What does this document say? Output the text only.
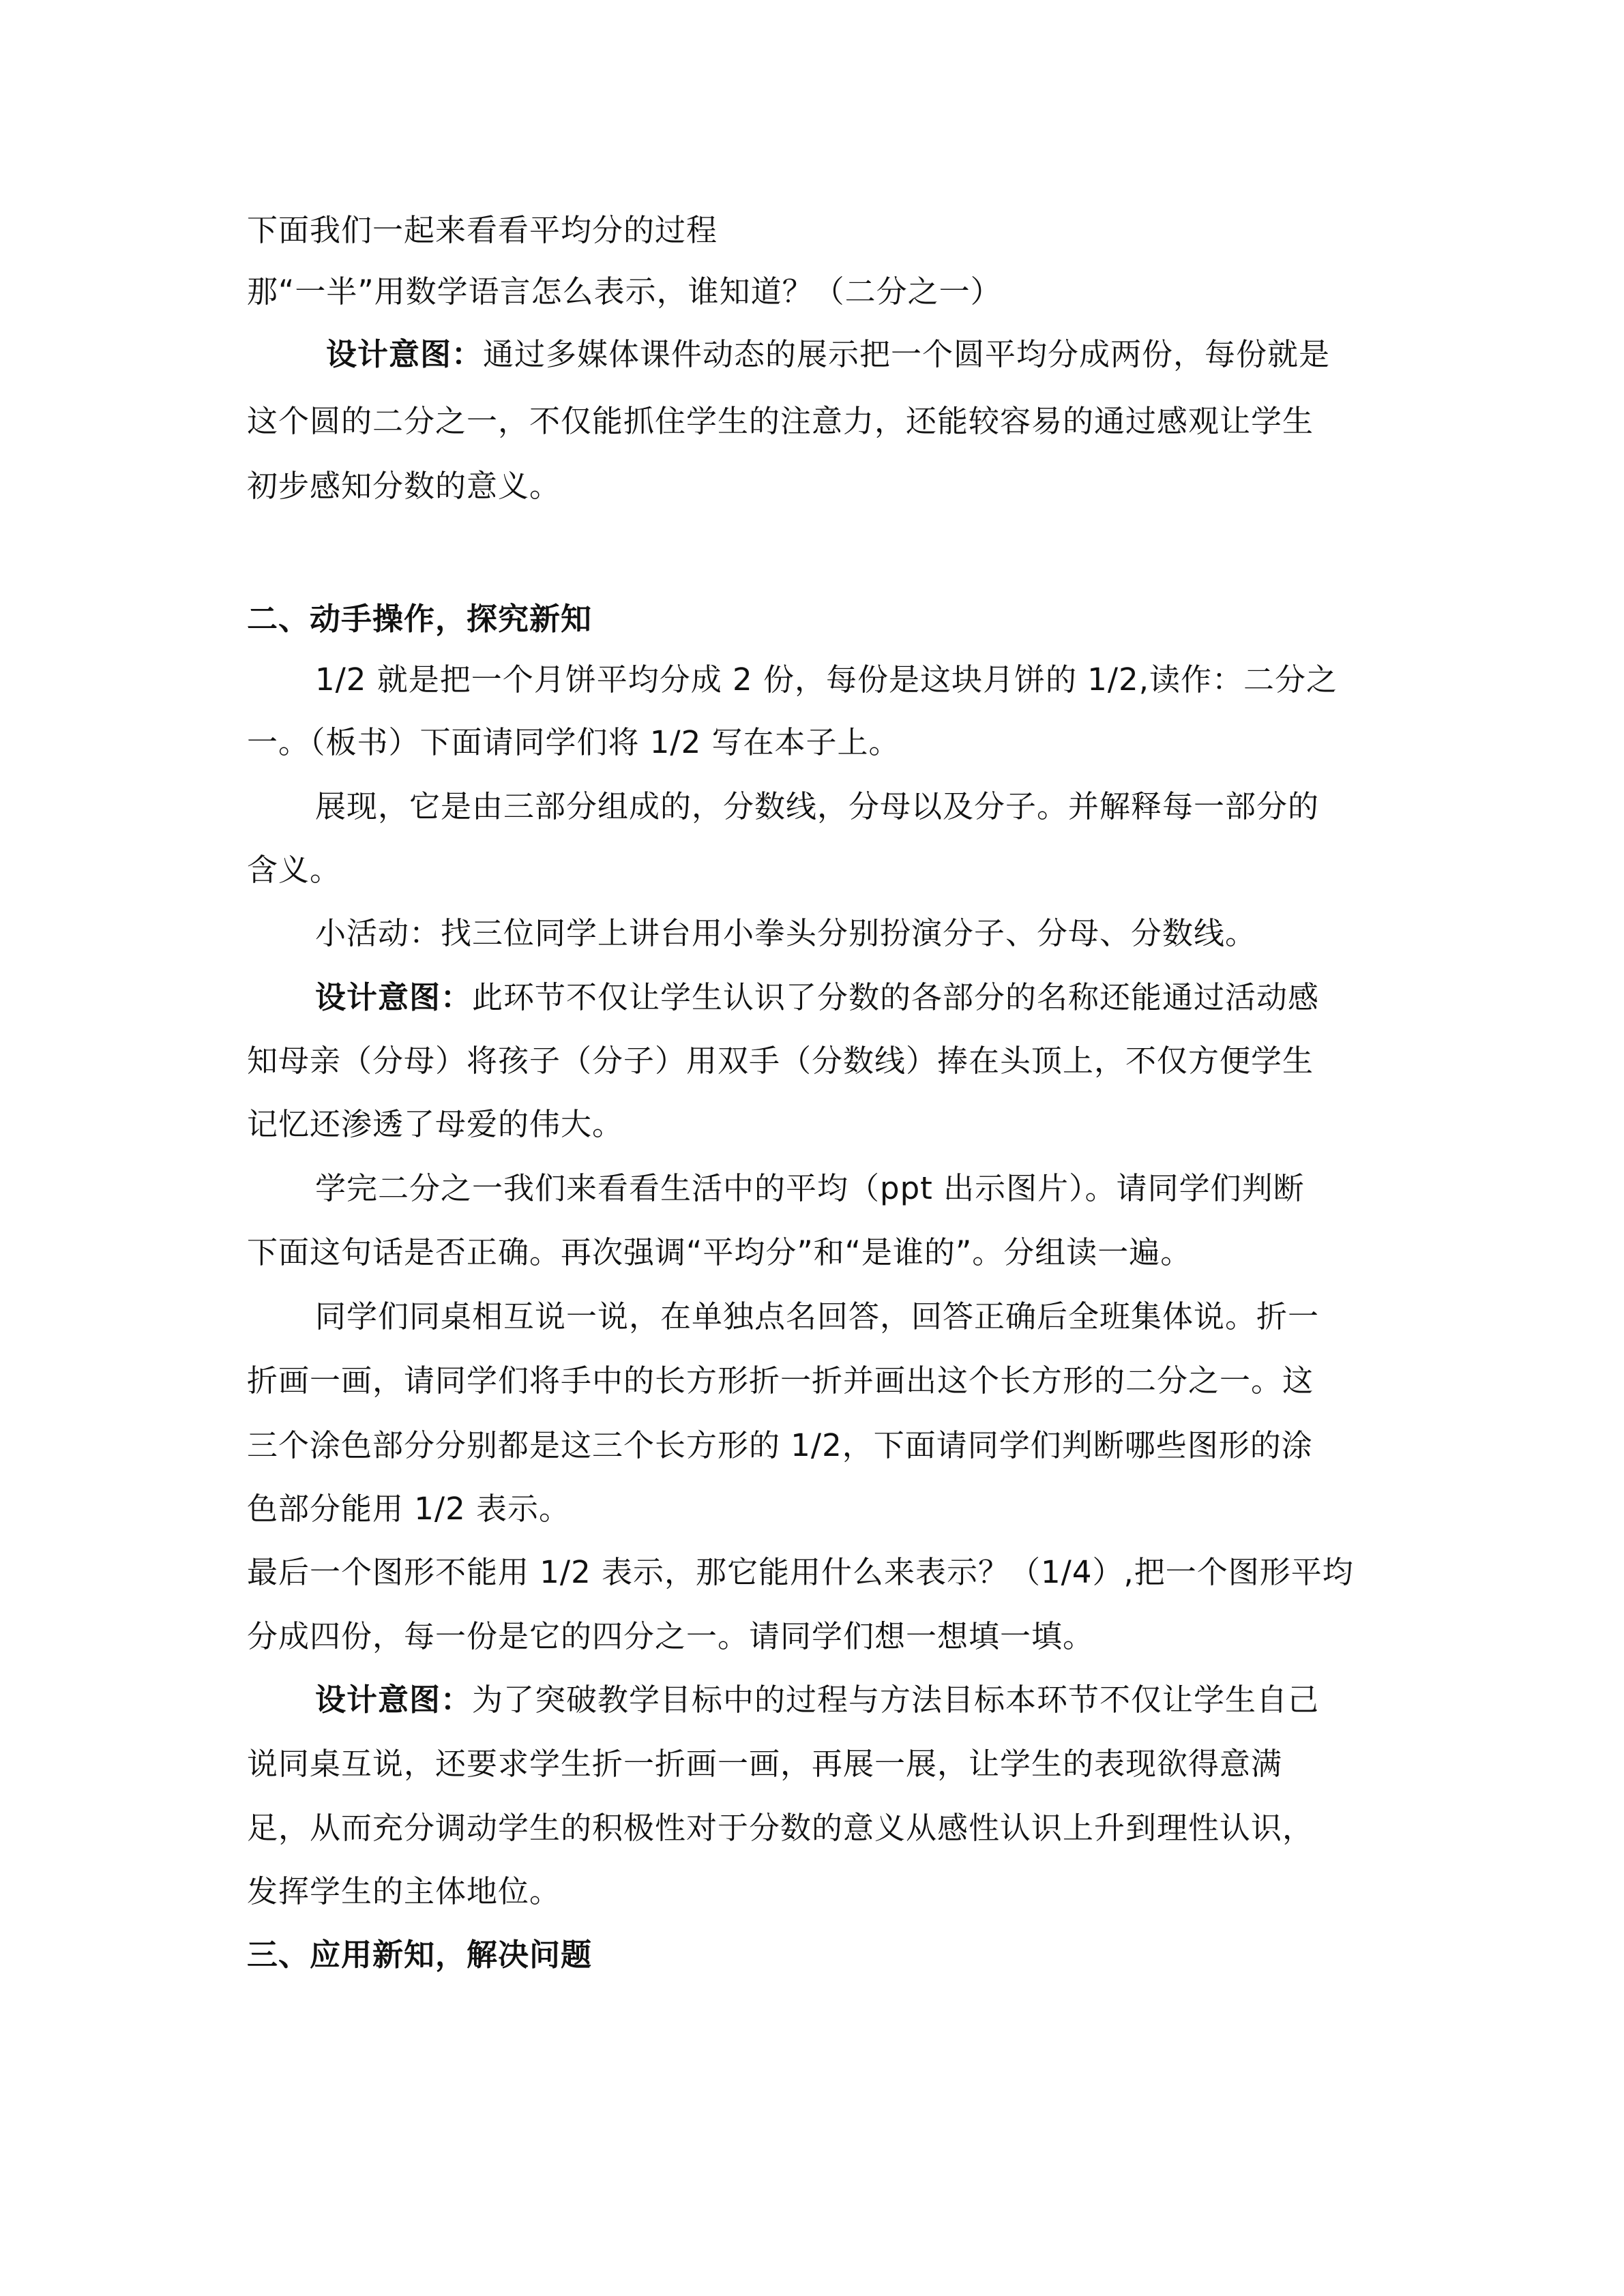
下面我们一起来看看平均分的过程
那“一半”用数学语言怎么表示，谁知道？（二分之一）
设计意图：通过多媒体课件动态的展示把一个圆平均分成两份，每份就是
这个圆的二分之一，不仅能抓住学生的注意力，还能较容易的通过感观让学生
初步感知分数的意义。
二、动手操作，探究新知
1/2 就是把一个月饼平均分成 2 份，每份是这块月饼的 1/2,读作：二分之
一。（板书）下面请同学们将 1/2 写在本子上。
展现，它是由三部分组成的，分数线，分母以及分子。并解释每一部分的
含义。
小活动：找三位同学上讲台用小拳头分别扮演分子、分母、分数线。
设计意图：此环节不仅让学生认识了分数的各部分的名称还能通过活动感
知母亲（分母）将孩子（分子）用双手（分数线）捧在头顶上，不仅方便学生
记忆还渗透了母爱的伟大。
学完二分之一我们来看看生活中的平均（ppt 出示图片）。请同学们判断
下面这句话是否正确。再次强调“平均分”和“是谁的”。分组读一遍。
同学们同桌相互说一说，在单独点名回答，回答正确后全班集体说。折一
折画一画，请同学们将手中的长方形折一折并画出这个长方形的二分之一。这
三个涂色部分分别都是这三个长方形的 1/2，下面请同学们判断哪些图形的涂
色部分能用 1/2 表示。
最后一个图形不能用 1/2 表示，那它能用什么来表示？（1/4）,把一个图形平均
分成四份，每一份是它的四分之一。请同学们想一想填一填。
设计意图：为了突破教学目标中的过程与方法目标本环节不仅让学生自己
说同桌互说，还要求学生折一折画一画，再展一展，让学生的表现欲得意满
足，从而充分调动学生的积极性对于分数的意义从感性认识上升到理性认识，
发挥学生的主体地位。
三、应用新知，解决问题
